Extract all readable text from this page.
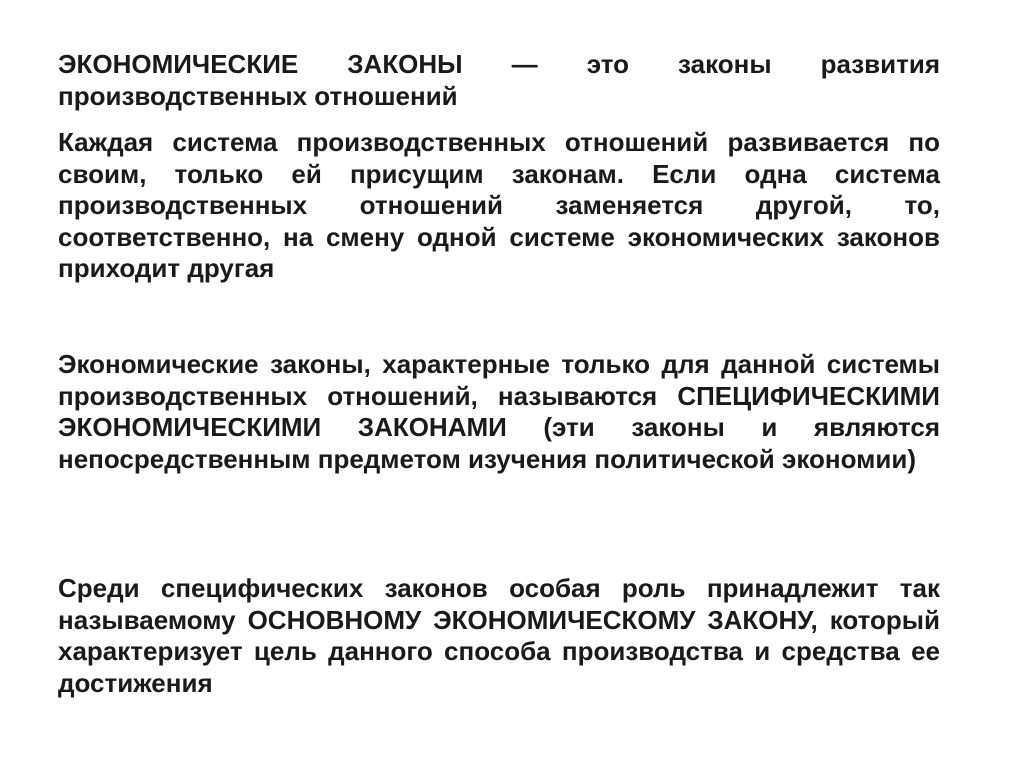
ЭКОНОМИЧЕСКИЕ ЗАКОНЫ — это законы развития производственных отношений

Каждая система производственных отношений развивается по своим, только ей присущим законам. Если одна система производственных отношений заменяется другой, то, соответственно, на смену одной системе экономических законов приходит другая

Экономические законы, характерные только для данной системы производственных отношений, называются СПЕЦИФИЧЕСКИМИ ЭКОНОМИЧЕСКИМИ ЗАКОНАМИ (эти законы и являются непосредственным предметом изучения политической экономии)

Среди специфических законов особая роль принадлежит так называемому ОСНОВНОМУ ЭКОНОМИЧЕСКОМУ ЗАКОНУ, который характеризует цель данного способа производства и средства ее достижения
